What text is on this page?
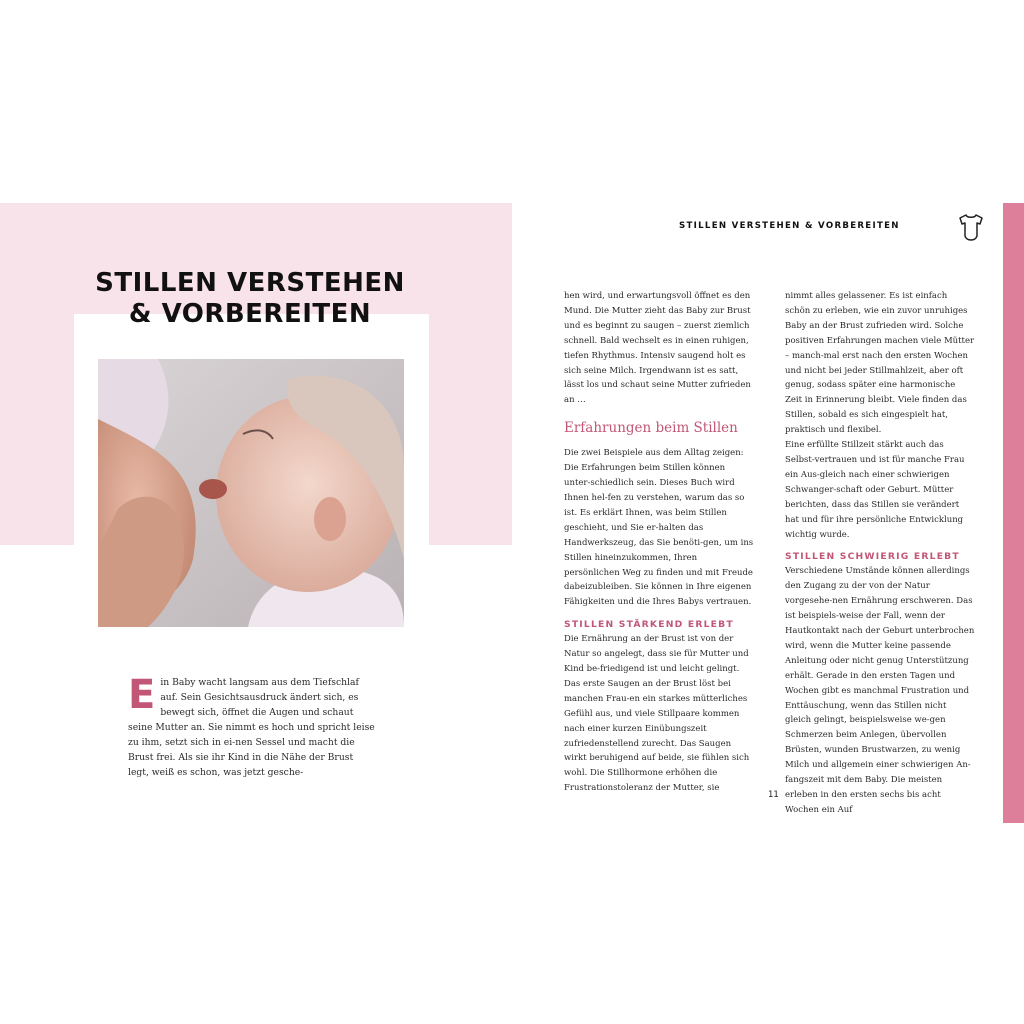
STILLEN VERSTEHEN
& VORBEREITEN

Ein Baby wacht langsam aus dem Tiefschlaf auf. Sein Gesichtsausdruck ändert sich, es bewegt sich, öffnet die Augen und schaut seine Mutter an. Sie nimmt es hoch und spricht leise zu ihm, setzt sich in ei-nen Sessel und macht die Brust frei. Als sie ihr Kind in die Nähe der Brust legt, weiß es schon, was jetzt gesche-

STILLEN VERSTEHEN & VORBEREITEN

hen wird, und erwartungsvoll öffnet es den Mund. Die Mutter zieht das Baby zur Brust und es beginnt zu saugen – zuerst ziemlich schnell. Bald wechselt es in einen ruhigen, tiefen Rhythmus. Intensiv saugend holt es sich seine Milch. Irgendwann ist es satt, lässt los und schaut seine Mutter zufrieden an …

Erfahrungen beim Stillen

Die zwei Beispiele aus dem Alltag zeigen: Die Erfahrungen beim Stillen können unter-schiedlich sein. Dieses Buch wird Ihnen hel-fen zu verstehen, warum das so ist. Es erklärt Ihnen, was beim Stillen geschieht, und Sie er-halten das Handwerkszeug, das Sie benöti-gen, um ins Stillen hineinzukommen, Ihren persönlichen Weg zu finden und mit Freude dabeizubleiben. Sie können in Ihre eigenen Fähigkeiten und die Ihres Babys vertrauen.

STILLEN STÄRKEND ERLEBT

Die Ernährung an der Brust ist von der Natur so angelegt, dass sie für Mutter und Kind be-friedigend ist und leicht gelingt. Das erste Saugen an der Brust löst bei manchen Frau-en ein starkes mütterliches Gefühl aus, und viele Stillpaare kommen nach einer kurzen Einübungszeit zufriedenstellend zurecht. Das Saugen wirkt beruhigend auf beide, sie fühlen sich wohl. Die Stillhormone erhöhen die Frustrationstoleranz der Mutter, sie

nimmt alles gelassener. Es ist einfach schön zu erleben, wie ein zuvor unruhiges Baby an der Brust zufrieden wird. Solche positiven Erfahrungen machen viele Mütter – manch-mal erst nach den ersten Wochen und nicht bei jeder Stillmahlzeit, aber oft genug, sodass später eine harmonische Zeit in Erinnerung bleibt. Viele finden das Stillen, sobald es sich eingespielt hat, praktisch und flexibel.

Eine erfüllte Stillzeit stärkt auch das Selbst-vertrauen und ist für manche Frau ein Aus-gleich nach einer schwierigen Schwanger-schaft oder Geburt. Mütter berichten, dass das Stillen sie verändert hat und für ihre persönliche Entwicklung wichtig wurde.

STILLEN SCHWIERIG ERLEBT

Verschiedene Umstände können allerdings den Zugang zu der von der Natur vorgesehe-nen Ernährung erschweren. Das ist beispiels-weise der Fall, wenn der Hautkontakt nach der Geburt unterbrochen wird, wenn die Mutter keine passende Anleitung oder nicht genug Unterstützung erhält. Gerade in den ersten Tagen und Wochen gibt es manchmal Frustration und Enttäuschung, wenn das Stillen nicht gleich gelingt, beispielsweise we-gen Schmerzen beim Anlegen, übervollen Brüsten, wunden Brustwarzen, zu wenig Milch und allgemein einer schwierigen An-fangszeit mit dem Baby. Die meisten erleben in den ersten sechs bis acht Wochen ein Auf

11
